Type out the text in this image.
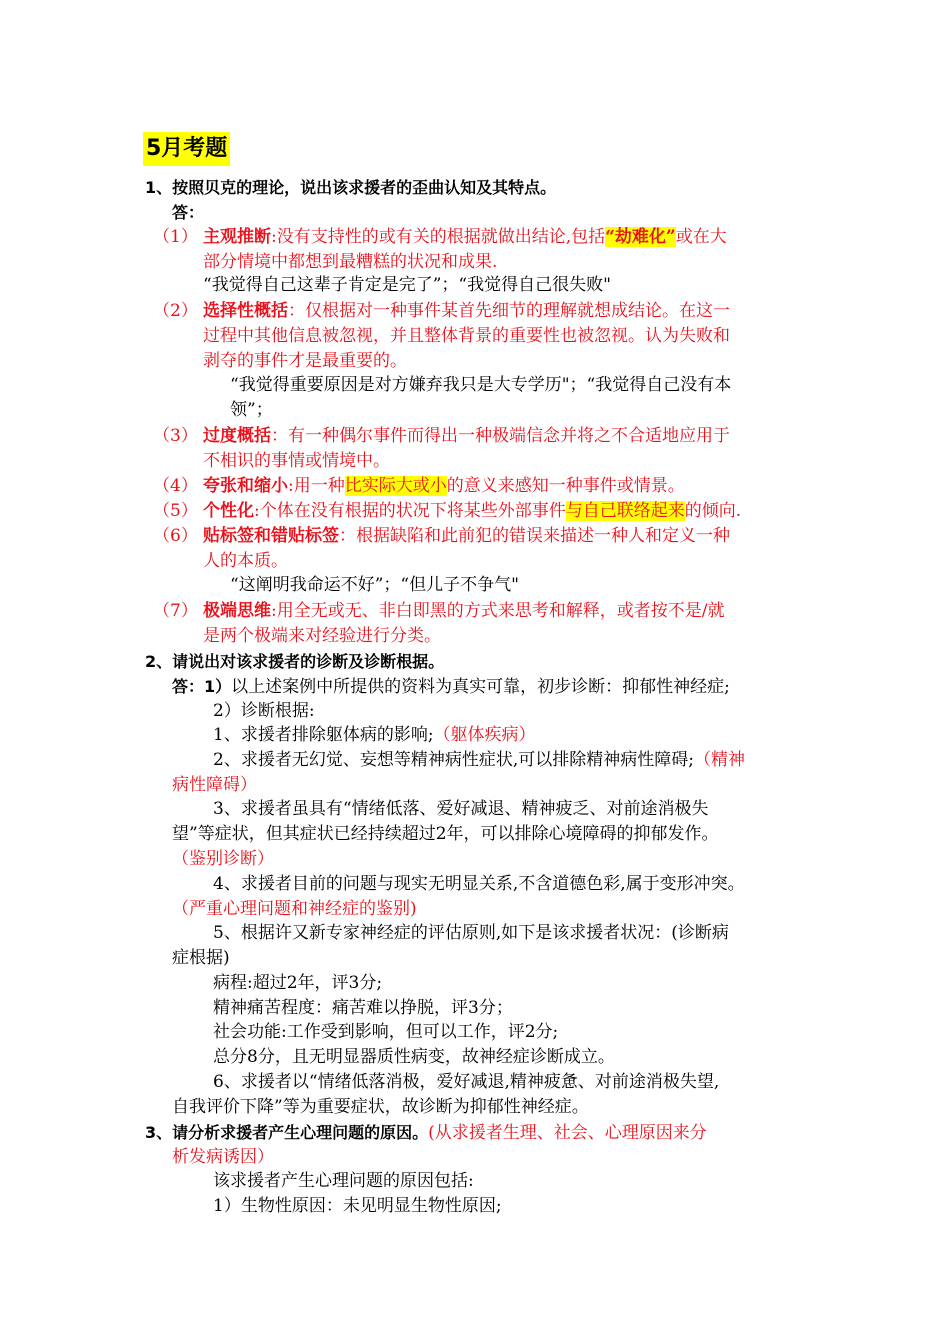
5月考题
1、按照贝克的理论，说出该求援者的歪曲认知及其特点。
答：
（1） 主观推断:没有支持性的或有关的根据就做出结论,包括“劫难化”或在大
部分情境中都想到最糟糕的状况和成果.
“我觉得自己这辈子肯定是完了”；“我觉得自己很失败"
（2） 选择性概括：仅根据对一种事件某首先细节的理解就想成结论。在这一
过程中其他信息被忽视，并且整体背景的重要性也被忽视。认为失败和
剥夺的事件才是最重要的。
“我觉得重要原因是对方嫌弃我只是大专学历"；“我觉得自己没有本
领”；
（3） 过度概括：有一种偶尔事件而得出一种极端信念并将之不合适地应用于
不相识的事情或情境中。
（4） 夸张和缩小:用一种比实际大或小的意义来感知一种事件或情景。
（5） 个性化:个体在没有根据的状况下将某些外部事件与自己联络起来的倾向.
（6） 贴标签和错贴标签：根据缺陷和此前犯的错误来描述一种人和定义一种
人的本质。
“这阐明我命运不好”；“但儿子不争气"
（7） 极端思维:用全无或无、非白即黑的方式来思考和解释，或者按不是/就
是两个极端来对经验进行分类。
2、请说出对该求援者的诊断及诊断根据。
答：1）以上述案例中所提供的资料为真实可靠，初步诊断：抑郁性神经症;
2）诊断根据:
1、求援者排除躯体病的影响;（躯体疾病）
2、求援者无幻觉、妄想等精神病性症状,可以排除精神病性障碍;（精神
病性障碍）
3、求援者虽具有“情绪低落、爱好减退、精神疲乏、对前途消极失
望”等症状，但其症状已经持续超过2年，可以排除心境障碍的抑郁发作。
（鉴别诊断）
4、求援者目前的问题与现实无明显关系,不含道德色彩,属于变形冲突。
（严重心理问题和神经症的鉴别)
5、根据许又新专家神经症的评估原则,如下是该求援者状况：(诊断病
症根据)
病程:超过2年，评3分;
精神痛苦程度：痛苦难以挣脱，评3分；
社会功能:工作受到影响，但可以工作，评2分;
总分8分，且无明显器质性病变，故神经症诊断成立。
6、求援者以“情绪低落消极，爱好减退,精神疲惫、对前途消极失望,
自我评价下降”等为重要症状，故诊断为抑郁性神经症。
3、请分析求援者产生心理问题的原因。(从求援者生理、社会、心理原因来分
析发病诱因）
该求援者产生心理问题的原因包括:
1）生物性原因：未见明显生物性原因;
